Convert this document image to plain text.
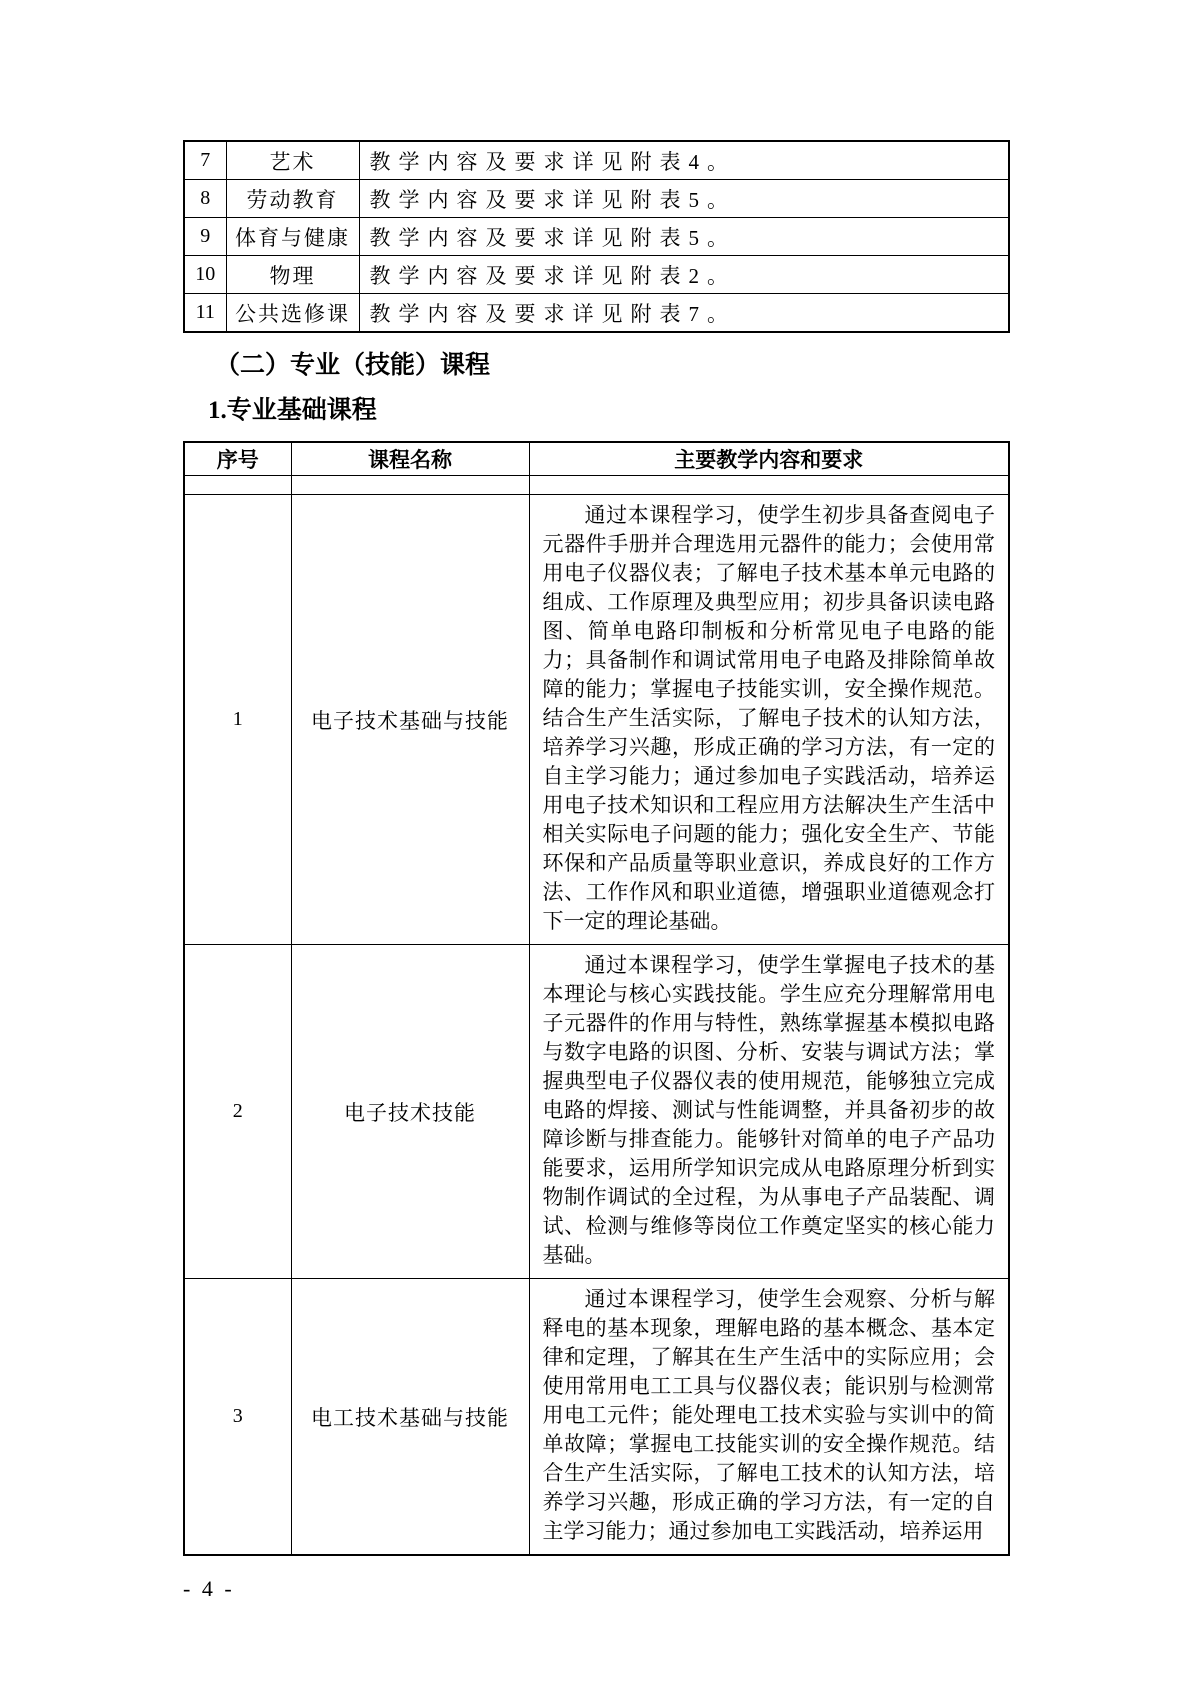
7	艺术	教学内容及要求详见附表4。
8	劳动教育	教学内容及要求详见附表5。
9	体育与健康	教学内容及要求详见附表5。
10	物理	教学内容及要求详见附表2。
11	公共选修课	教学内容及要求详见附表7。
（二）专业（技能）课程
1.专业基础课程
序号	课程名称	主要教学内容和要求

1	电子技术基础与技能	通过本课程学习，使学生初步具备查阅电子元器件手册并合理选用元器件的能力；会使用常用电子仪器仪表；了解电子技术基本单元电路的组成、工作原理及典型应用；初步具备识读电路图、简单电路印制板和分析常见电子电路的能力；具备制作和调试常用电子电路及排除简单故障的能力；掌握电子技能实训，安全操作规范。结合生产生活实际，了解电子技术的认知方法，培养学习兴趣，形成正确的学习方法，有一定的自主学习能力；通过参加电子实践活动，培养运用电子技术知识和工程应用方法解决生产生活中相关实际电子问题的能力；强化安全生产、节能环保和产品质量等职业意识，养成良好的工作方法、工作作风和职业道德，增强职业道德观念打下一定的理论基础。

2	电子技术技能	通过本课程学习，使学生掌握电子技术的基本理论与核心实践技能。学生应充分理解常用电子元器件的作用与特性，熟练掌握基本模拟电路与数字电路的识图、分析、安装与调试方法；掌握典型电子仪器仪表的使用规范，能够独立完成电路的焊接、测试与性能调整，并具备初步的故障诊断与排查能力。能够针对简单的电子产品功能要求，运用所学知识完成从电路原理分析到实物制作调试的全过程，为从事电子产品装配、调试、检测与维修等岗位工作奠定坚实的核心能力基础。

3	电工技术基础与技能	通过本课程学习，使学生会观察、分析与解释电的基本现象，理解电路的基本概念、基本定律和定理，了解其在生产生活中的实际应用；会使用常用电工工具与仪器仪表；能识别与检测常用电工元件；能处理电工技术实验与实训中的简单故障；掌握电工技能实训的安全操作规范。结合生产生活实际，了解电工技术的认知方法，培养学习兴趣，形成正确的学习方法，有一定的自主学习能力；通过参加电工实践活动，培养运用
- 4 -
